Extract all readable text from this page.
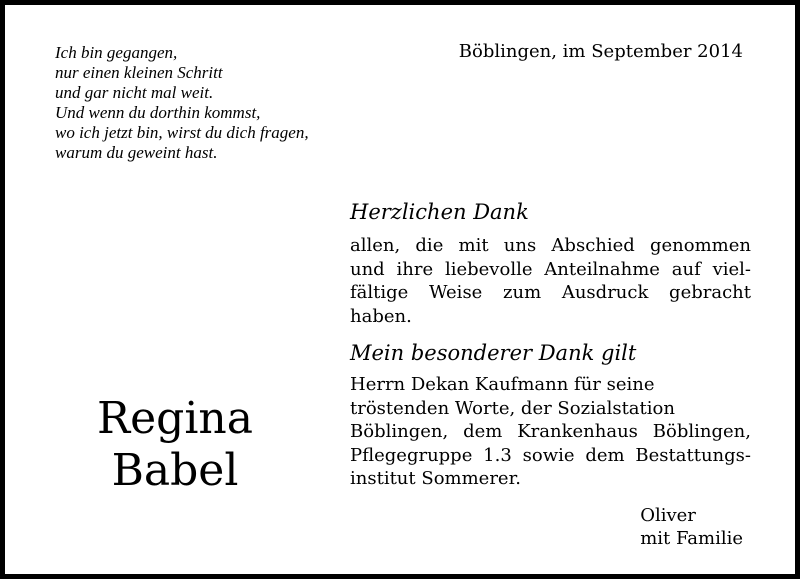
Ich bin gegangen,
nur einen kleinen Schritt
und gar nicht mal weit.
Und wenn du dorthin kommst,
wo ich jetzt bin, wirst du dich fragen,
warum du geweint hast.
Böblingen, im September 2014
Herzlichen Dank
allen, die mit uns Abschied genommen
und ihre liebevolle Anteilnahme auf viel-
fältige Weise zum Ausdruck gebracht
haben.
Mein besonderer Dank gilt
Herrn Dekan Kaufmann für seine
tröstenden Worte, der Sozialstation
Böblingen, dem Krankenhaus Böblingen,
Pflegegruppe 1.3 sowie dem Bestattungs-
institut Sommerer.
Regina
Babel
Oliver
mit Familie
